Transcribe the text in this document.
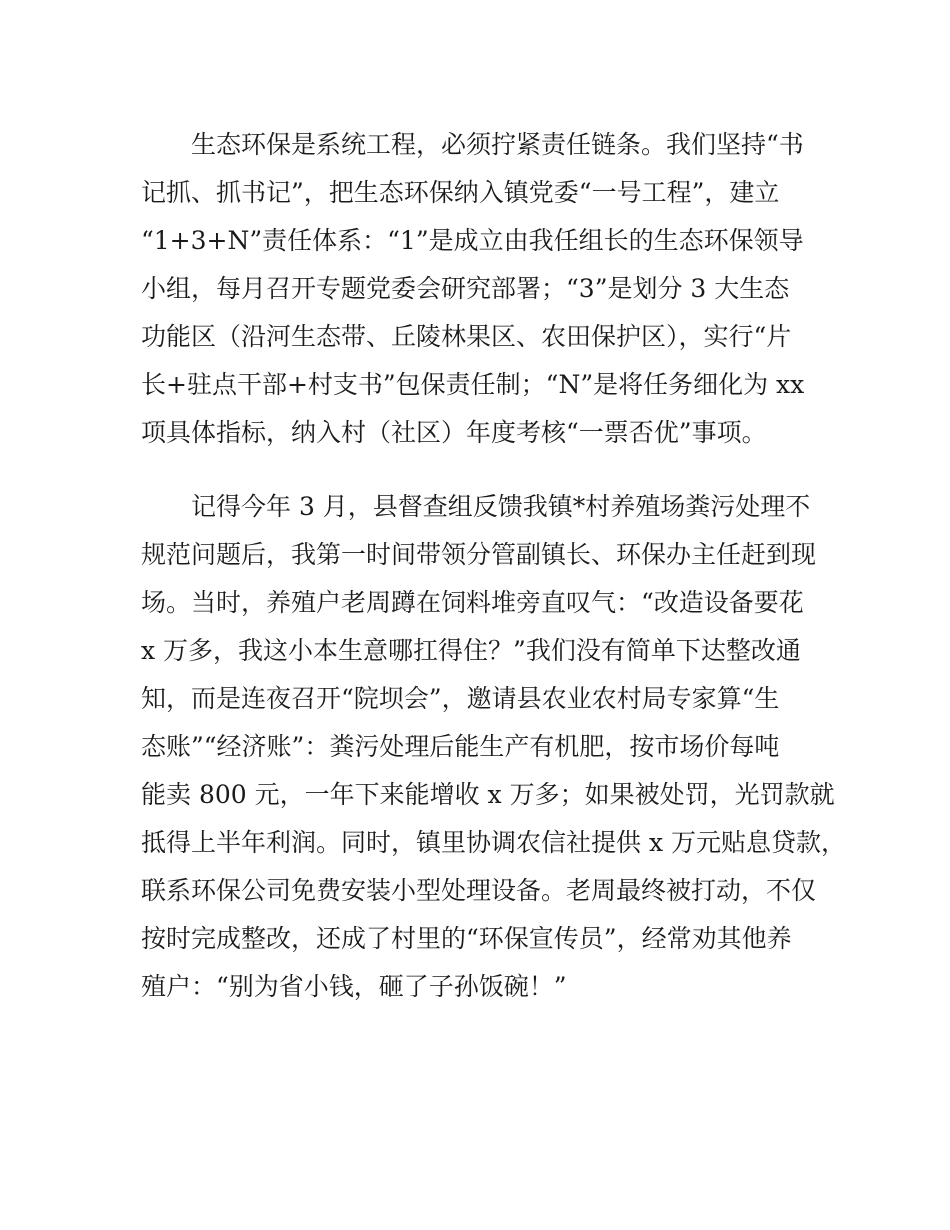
生态环保是系统工程，必须拧紧责任链条。我们坚持“书

记抓、抓书记”，把生态环保纳入镇党委“一号工程”，建立

“1+3+N”责任体系：“1”是成立由我任组长的生态环保领导

小组，每月召开专题党委会研究部署；“3”是划分 3 大生态

功能区（沿河生态带、丘陵林果区、农田保护区），实行“片

长+驻点干部+村支书”包保责任制；“N”是将任务细化为 xx

项具体指标，纳入村（社区）年度考核“一票否优”事项。

记得今年 3 月，县督查组反馈我镇*村养殖场粪污处理不

规范问题后，我第一时间带领分管副镇长、环保办主任赶到现

场。当时，养殖户老周蹲在饲料堆旁直叹气：“改造设备要花

x 万多，我这小本生意哪扛得住？”我们没有简单下达整改通

知，而是连夜召开“院坝会”，邀请县农业农村局专家算“生

态账”“经济账”：粪污处理后能生产有机肥，按市场价每吨

能卖 800 元，一年下来能增收 x 万多；如果被处罚，光罚款就

抵得上半年利润。同时，镇里协调农信社提供 x 万元贴息贷款，

联系环保公司免费安装小型处理设备。老周最终被打动，不仅

按时完成整改，还成了村里的“环保宣传员”，经常劝其他养

殖户：“别为省小钱，砸了子孙饭碗！”
